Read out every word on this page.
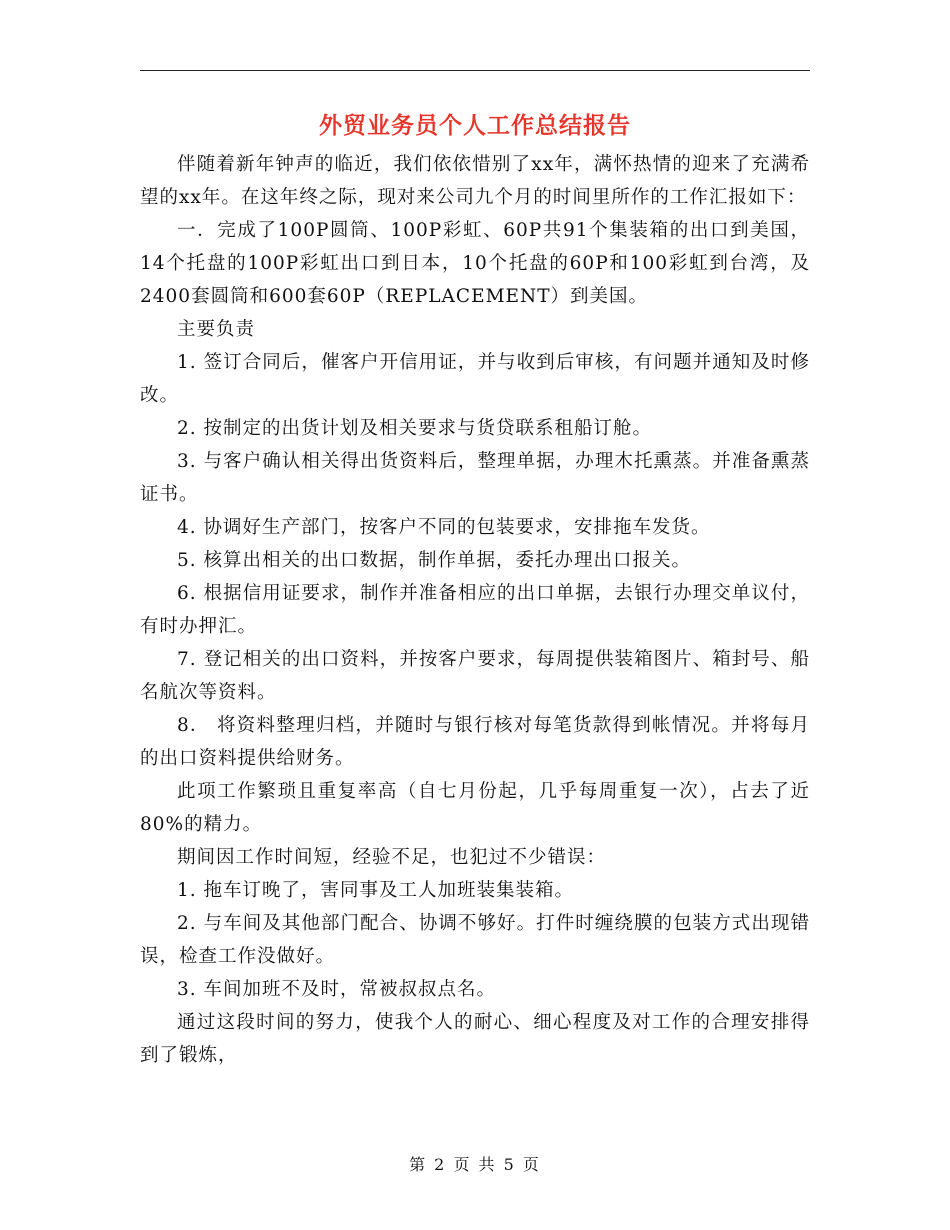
外贸业务员个人工作总结报告

伴随着新年钟声的临近，我们依依惜别了xx年，满怀热情的迎来了充满希望的xx年。在这年终之际，现对来公司九个月的时间里所作的工作汇报如下：

一．完成了100P圆筒、100P彩虹、60P共91个集装箱的出口到美国，14个托盘的100P彩虹出口到日本，10个托盘的60P和100彩虹到台湾，及2400套圆筒和600套60P（REPLACEMENT）到美国。

主要负责

1. 签订合同后，催客户开信用证，并与收到后审核，有问题并通知及时修改。

2. 按制定的出货计划及相关要求与货贷联系租船订舱。

3. 与客户确认相关得出货资料后，整理单据，办理木托熏蒸。并准备熏蒸证书。

4. 协调好生产部门，按客户不同的包装要求，安排拖车发货。

5. 核算出相关的出口数据，制作单据，委托办理出口报关。

6. 根据信用证要求，制作并准备相应的出口单据，去银行办理交单议付，有时办押汇。

7. 登记相关的出口资料，并按客户要求，每周提供装箱图片、箱封号、船名航次等资料。

8． 将资料整理归档，并随时与银行核对每笔货款得到帐情况。并将每月的出口资料提供给财务。

此项工作繁琐且重复率高（自七月份起，几乎每周重复一次），占去了近80%的精力。

期间因工作时间短，经验不足，也犯过不少错误：

1. 拖车订晚了，害同事及工人加班装集装箱。

2. 与车间及其他部门配合、协调不够好。打件时缠绕膜的包装方式出现错误，检查工作没做好。

3. 车间加班不及时，常被叔叔点名。

通过这段时间的努力，使我个人的耐心、细心程度及对工作的合理安排得到了锻炼，

第 2 页 共 5 页
